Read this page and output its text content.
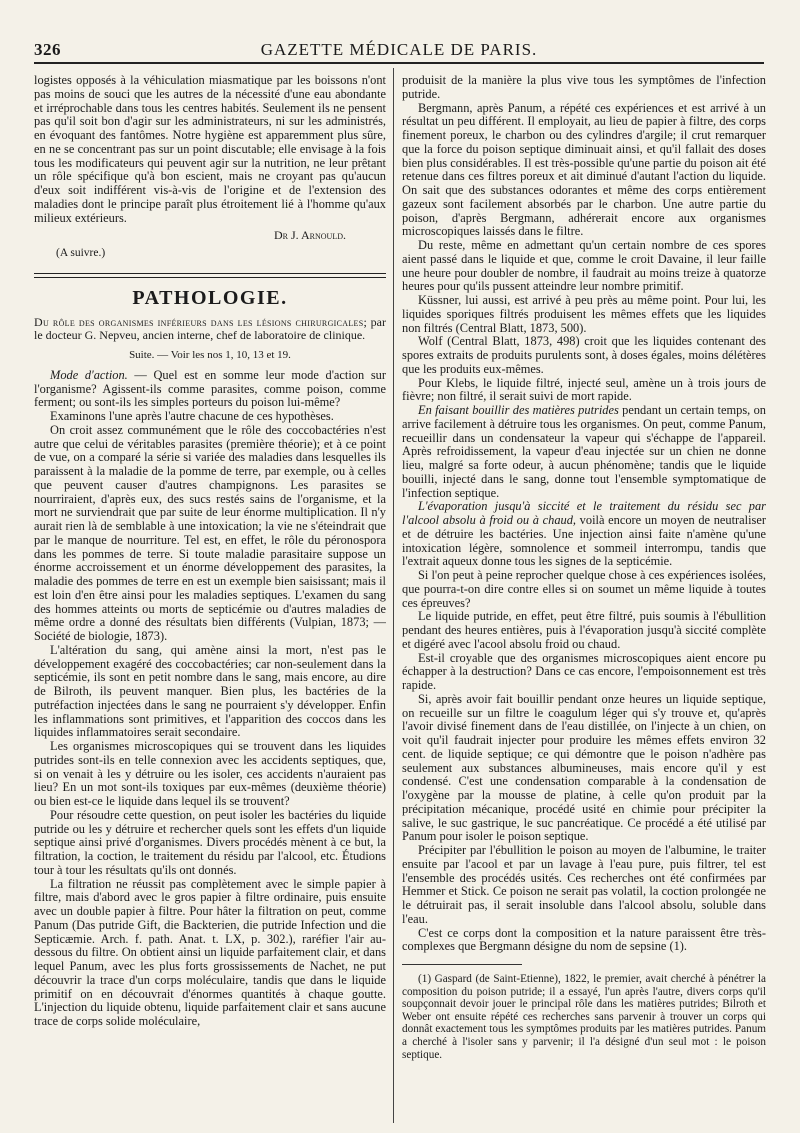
326	GAZETTE MÉDICALE DE PARIS.

logistes opposés à la véhiculation miasmatique par les boissons n'ont pas moins de souci que les autres de la nécessité d'une eau abondante et irréprochable dans tous les centres habités. Seulement ils ne pensent pas qu'il soit bon d'agir sur les administrateurs, ni sur les administrés, en évoquant des fantômes. Notre hygiène est apparemment plus sûre, en ne se concentrant pas sur un point discutable; elle envisage à la fois tous les modificateurs qui peuvent agir sur la nutrition, ne leur prêtant un rôle spécifique qu'à bon escient, mais ne croyant pas qu'aucun d'eux soit indifférent vis-à-vis de l'origine et de l'extension des maladies dont le principe paraît plus étroitement lié à l'homme qu'aux milieux extérieurs.

Dr J. Arnould.
(A suivre.)
PATHOLOGIE.

Du rôle des organismes inférieurs dans les lésions chirurgicales; par le docteur G. Nepveu, ancien interne, chef de laboratoire de clinique.

Suite. — Voir les nos 1, 10, 13 et 19.

Mode d'action. — Quel est en somme leur mode d'action sur l'organisme? Agissent-ils comme parasites, comme poison, comme ferment; ou sont-ils les simples porteurs du poison lui-même?

Examinons l'une après l'autre chacune de ces hypothèses.

On croit assez communément que le rôle des coccobactéries n'est autre que celui de véritables parasites (première théorie); et à ce point de vue, on a comparé la série si variée des maladies dans lesquelles ils paraissent à la maladie de la pomme de terre, par exemple, ou à celles que peuvent causer d'autres champignons. Les parasites se nourriraient, d'après eux, des sucs restés sains de l'organisme, et la mort ne surviendrait que par suite de leur énorme multiplication. Il n'y aurait rien là de semblable à une intoxication; la vie ne s'éteindrait que par le manque de nourriture. Tel est, en effet, le rôle du péronospora dans les pommes de terre. Si toute maladie parasitaire suppose un énorme accroissement et un énorme développement des parasites, la maladie des pommes de terre en est un exemple bien saisissant; mais il est loin d'en être ainsi pour les maladies septiques. L'examen du sang des hommes atteints ou morts de septicémie ou d'autres maladies de même ordre a donné des résultats bien différents (Vulpian, 1873; — Société de biologie, 1873).

L'altération du sang, qui amène ainsi la mort, n'est pas le développement exagéré des coccobactéries; car non-seulement dans la septicémie, ils sont en petit nombre dans le sang, mais encore, au dire de Bilroth, ils peuvent manquer. Bien plus, les bactéries de la putréfaction injectées dans le sang ne pourraient s'y développer. Enfin les inflammations sont primitives, et l'apparition des coccos dans les liquides inflammatoires serait secondaire.

Les organismes microscopiques qui se trouvent dans les liquides putrides sont-ils en telle connexion avec les accidents septiques, que, si on venait à les y détruire ou les isoler, ces accidents n'auraient pas lieu? En un mot sont-ils toxiques par eux-mêmes (deuxième théorie) ou bien est-ce le liquide dans lequel ils se trouvent?

Pour résoudre cette question, on peut isoler les bactéries du liquide putride ou les y détruire et rechercher quels sont les effets d'un liquide septique ainsi privé d'organismes. Divers procédés mènent à ce but, la filtration, la coction, le traitement du résidu par l'alcool, etc. Étudions tour à tour les résultats qu'ils ont donnés.

La filtration ne réussit pas complètement avec le simple papier à filtre, mais d'abord avec le gros papier à filtre ordinaire, puis ensuite avec un double papier à filtre. Pour hâter la filtration on peut, comme Panum (Das putride Gift, die Backterien, die putride Infection und die Septicæmie. Arch. f. path. Anat. t. LX, p. 302.), raréfier l'air au-dessous du filtre. On obtient ainsi un liquide parfaitement clair, et dans lequel Panum, avec les plus forts grossissements de Nachet, ne put découvrir la trace d'un corps moléculaire, tandis que dans le liquide primitif on en découvrait d'énormes quantités à chaque goutte. L'injection du liquide obtenu, liquide parfaitement clair et sans aucune trace de corps solide moléculaire,

produisit de la manière la plus vive tous les symptômes de l'infection putride.

Bergmann, après Panum, a répété ces expériences et est arrivé à un résultat un peu différent. Il employait, au lieu de papier à filtre, des corps finement poreux, le charbon ou des cylindres d'argile; il crut remarquer que la force du poison septique diminuait ainsi, et qu'il fallait des doses bien plus considérables. Il est très-possible qu'une partie du poison ait été retenue dans ces filtres poreux et ait diminué d'autant l'action du liquide. On sait que des substances odorantes et même des corps entièrement gazeux sont facilement absorbés par le charbon. Une autre partie du poison, d'après Bergmann, adhérerait encore aux organismes microscopiques laissés dans le filtre.

Du reste, même en admettant qu'un certain nombre de ces spores aient passé dans le liquide et que, comme le croit Davaine, il leur faille une heure pour doubler de nombre, il faudrait au moins treize à quatorze heures pour qu'ils pussent atteindre leur nombre primitif.

Küssner, lui aussi, est arrivé à peu près au même point. Pour lui, les liquides sporiques filtrés produisent les mêmes effets que les liquides non filtrés (Central Blatt, 1873, 500).

Wolf (Central Blatt, 1873, 498) croit que les liquides contenant des spores extraits de produits purulents sont, à doses égales, moins délétères que les produits eux-mêmes.

Pour Klebs, le liquide filtré, injecté seul, amène un à trois jours de fièvre; non filtré, il serait suivi de mort rapide.

En faisant bouillir des matières putrides pendant un certain temps, on arrive facilement à détruire tous les organismes. On peut, comme Panum, recueillir dans un condensateur la vapeur qui s'échappe de l'appareil. Après refroidissement, la vapeur d'eau injectée sur un chien ne donne lieu, malgré sa forte odeur, à aucun phénomène; tandis que le liquide bouilli, injecté dans le sang, donne tout l'ensemble symptomatique de l'infection septique.

L'évaporation jusqu'à siccité et le traitement du résidu sec par l'alcool absolu à froid ou à chaud, voilà encore un moyen de neutraliser et de détruire les bactéries. Une injection ainsi faite n'amène qu'une intoxication légère, somnolence et sommeil interrompu, tandis que l'extrait aqueux donne tous les signes de la septicémie.

Si l'on peut à peine reprocher quelque chose à ces expériences isolées, que pourra-t-on dire contre elles si on soumet un même liquide à toutes ces épreuves?

Le liquide putride, en effet, peut être filtré, puis soumis à l'ébullition pendant des heures entières, puis à l'évaporation jusqu'à siccité complète et digéré avec l'acool absolu froid ou chaud.

Est-il croyable que des organismes microscopiques aient encore pu échapper à la destruction? Dans ce cas encore, l'empoisonnement est très rapide.

Si, après avoir fait bouillir pendant onze heures un liquide septique, on recueille sur un filtre le coagulum léger qui s'y trouve et, qu'après l'avoir divisé finement dans de l'eau distillée, on l'injecte à un chien, on voit qu'il faudrait injecter pour produire les mêmes effets environ 32 cent. de liquide septique; ce qui démontre que le poison n'adhère pas seulement aux substances albumineuses, mais encore qu'il y est condensé. C'est une condensation comparable à la condensation de l'oxygène par la mousse de platine, à celle qu'on produit par la précipitation mécanique, procédé usité en chimie pour précipiter la salive, le suc gastrique, le suc pancréatique. Ce procédé a été utilisé par Panum pour isoler le poison septique.

Précipiter par l'ébullition le poison au moyen de l'albumine, le traiter ensuite par l'acool et par un lavage à l'eau pure, puis filtrer, tel est l'ensemble des procédés usités. Ces recherches ont été confirmées par Hemmer et Stick. Ce poison ne serait pas volatil, la coction prolongée ne le détruirait pas, il serait insoluble dans l'alcool absolu, soluble dans l'eau.

C'est ce corps dont la composition et la nature paraissent être très-complexes que Bergmann désigne du nom de sepsine (1).

(1) Gaspard (de Saint-Etienne), 1822, le premier, avait cherché à pénétrer la composition du poison putride; il a essayé, l'un après l'autre, divers corps qu'il soupçonnait devoir jouer le principal rôle dans les matières putrides; Bilroth et Weber ont ensuite répété ces recherches sans parvenir à trouver un corps qui donnât exactement tous les symptômes produits par les matières putrides. Panum a cherché à l'isoler sans y parvenir; il l'a désigné d'un seul mot : le poison septique.
